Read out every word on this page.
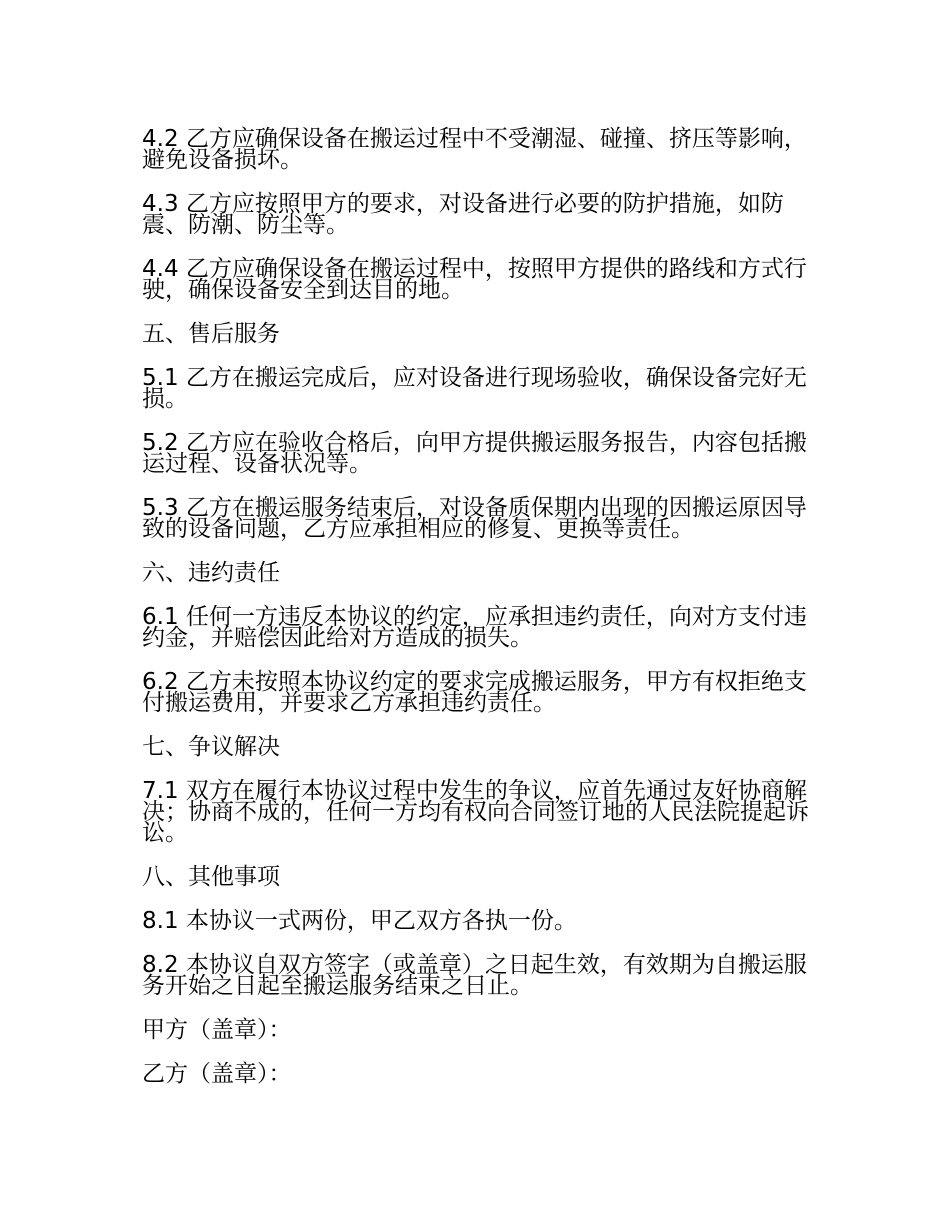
4.2 乙方应确保设备在搬运过程中不受潮湿、碰撞、挤压等影响，避免设备损坏。

4.3 乙方应按照甲方的要求，对设备进行必要的防护措施，如防震、防潮、防尘等。

4.4 乙方应确保设备在搬运过程中，按照甲方提供的路线和方式行驶，确保设备安全到达目的地。

五、售后服务

5.1 乙方在搬运完成后，应对设备进行现场验收，确保设备完好无损。

5.2 乙方应在验收合格后，向甲方提供搬运服务报告，内容包括搬运过程、设备状况等。

5.3 乙方在搬运服务结束后，对设备质保期内出现的因搬运原因导致的设备问题，乙方应承担相应的修复、更换等责任。

六、违约责任

6.1 任何一方违反本协议的约定，应承担违约责任，向对方支付违约金，并赔偿因此给对方造成的损失。

6.2 乙方未按照本协议约定的要求完成搬运服务，甲方有权拒绝支付搬运费用，并要求乙方承担违约责任。

七、争议解决

7.1 双方在履行本协议过程中发生的争议，应首先通过友好协商解决；协商不成的，任何一方均有权向合同签订地的人民法院提起诉讼。

八、其他事项

8.1 本协议一式两份，甲乙双方各执一份。

8.2 本协议自双方签字（或盖章）之日起生效，有效期为自搬运服务开始之日起至搬运服务结束之日止。

甲方（盖章）：

乙方（盖章）：
